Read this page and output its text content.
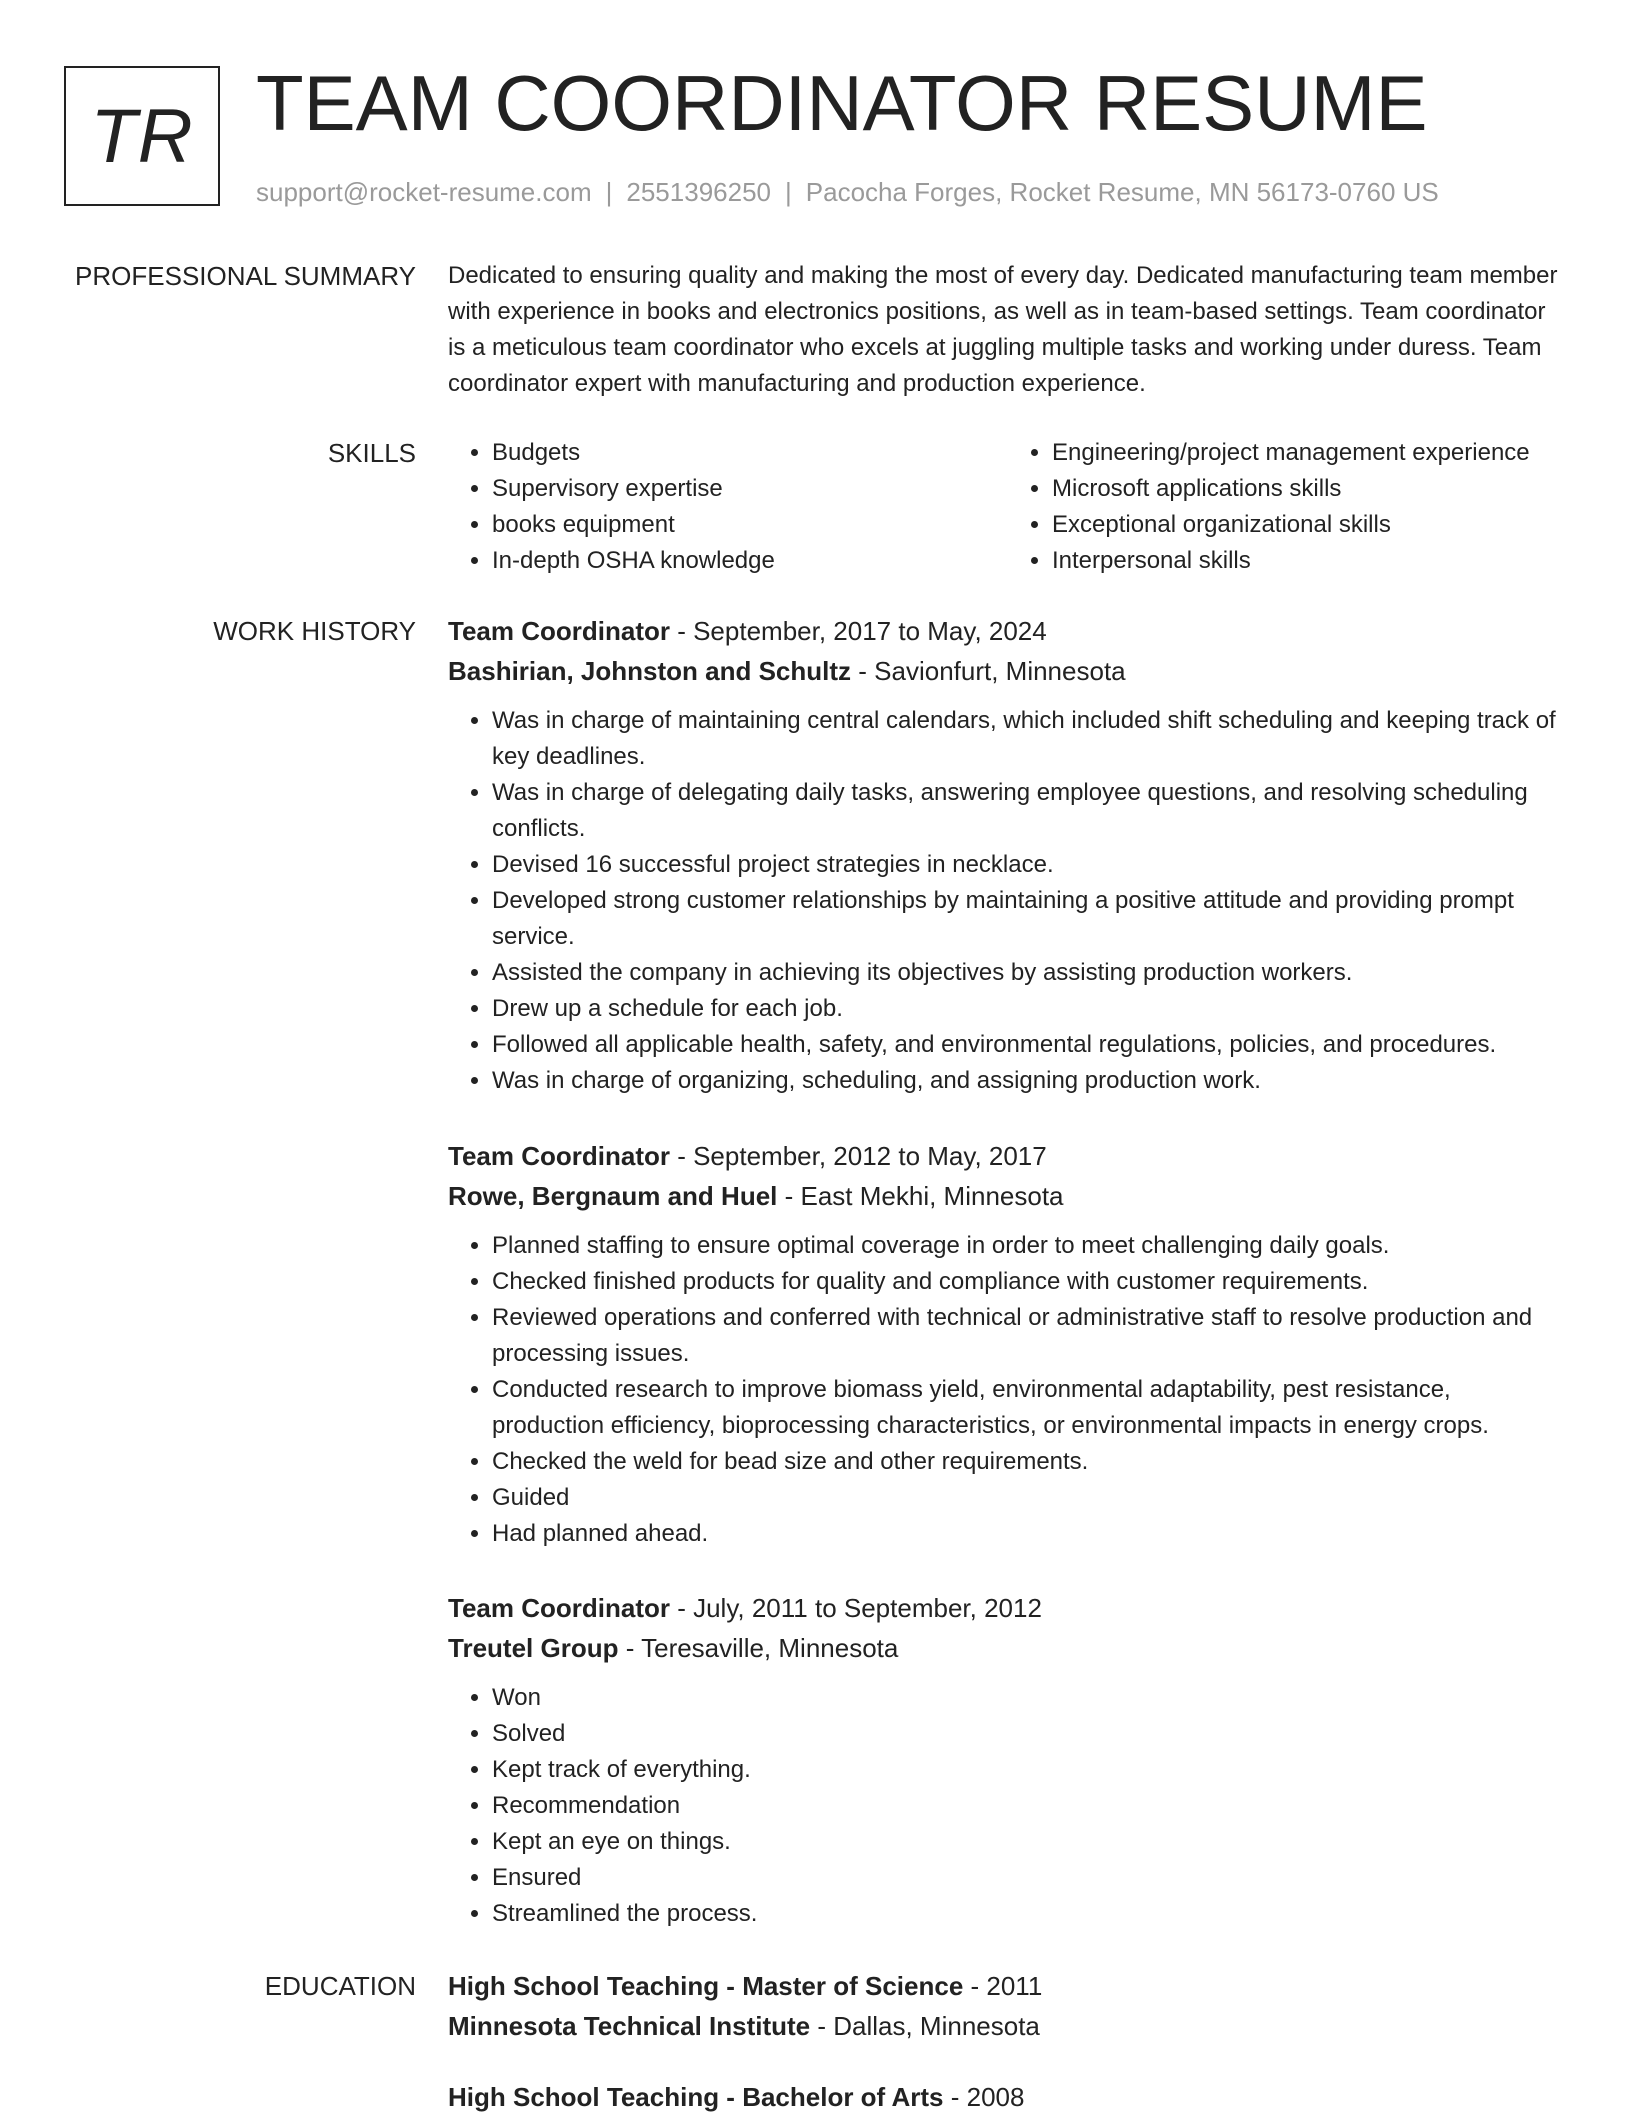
TR TEAM COORDINATOR RESUME
support@rocket-resume.com | 2551396250 | Pacocha Forges, Rocket Resume, MN 56173-0760 US
PROFESSIONAL SUMMARY Dedicated to ensuring quality and making the most of every day. Dedicated manufacturing team member with experience in books and electronics positions, as well as in team-based settings. Team coordinator is a meticulous team coordinator who excels at juggling multiple tasks and working under duress. Team coordinator expert with manufacturing and production experience.

SKILLS
•	Budgets
• Supervisory expertise
• books equipment
• In-depth OSHA knowledge
• Engineering/project management experience
• Microsoft applications skills
• Exceptional organizational skills
• Interpersonal skills
WORK HISTORY Team Coordinator - September, 2017 to May, 2024
Bashirian, Johnston and Schultz - Savionfurt, Minnesota
• Was in charge of maintaining central calendars, which included shift scheduling and keeping track of key deadlines.
• Was in charge of delegating daily tasks, answering employee questions, and resolving scheduling conflicts.
• Devised 16 successful project strategies in necklace.
• Developed strong customer relationships by maintaining a positive attitude and providing prompt service.
• Assisted the company in achieving its objectives by assisting production workers.
• Drew up a schedule for each job.
• Followed all applicable health, safety, and environmental regulations, policies, and procedures.
• Was in charge of organizing, scheduling, and assigning production work.
Team Coordinator - September, 2012 to May, 2017
Rowe, Bergnaum and Huel - East Mekhi, Minnesota
• Planned staffing to ensure optimal coverage in order to meet challenging daily goals.
• Checked finished products for quality and compliance with customer requirements.
• Reviewed operations and conferred with technical or administrative staff to resolve production and processing issues.
• Conducted research to improve biomass yield, environmental adaptability, pest resistance, production efficiency, bioprocessing characteristics, or environmental impacts in energy crops.
• Checked the weld for bead size and other requirements.
• Guided
• Had planned ahead.
Team Coordinator - July, 2011 to September, 2012
Treutel Group - Teresaville, Minnesota
• Won
• Solved
• Kept track of everything.
• Recommendation
• Kept an eye on things.
• Ensured
• Streamlined the process.
EDUCATION High School Teaching - Master of Science - 2011
Minnesota Technical Institute - Dallas, Minnesota
High School Teaching - Bachelor of Arts - 2008
